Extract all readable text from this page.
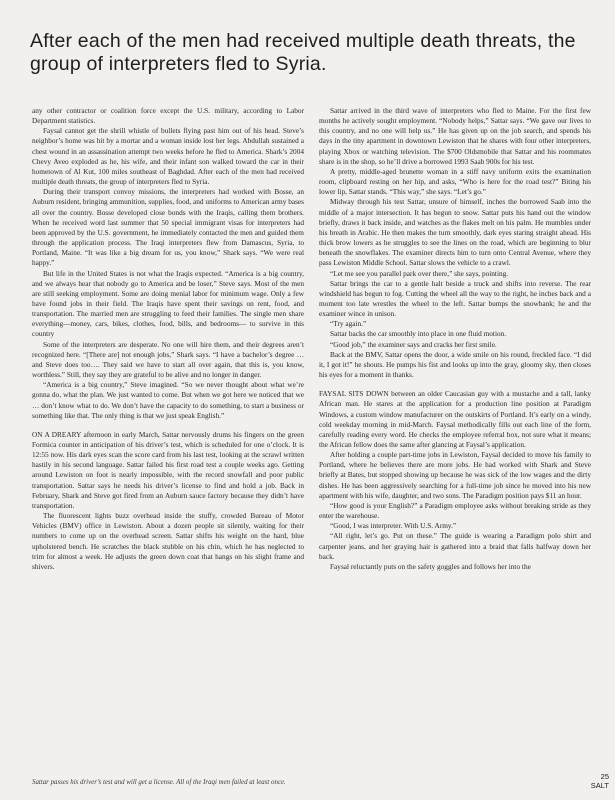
After each of the men had received multiple death threats, the group of interpreters fled to Syria.

any other contractor or coalition force except the U.S. military, according to Labor Department statistics.

Faysal cannot get the shrill whistle of bullets flying past him out of his head. Steve’s neighbor’s home was hit by a mortar and a woman inside lost her legs. Abdullah sustained a chest wound in an assassination attempt two weeks before he fled to America. Shark’s 2004 Chevy Aveo exploded as he, his wife, and their infant son walked toward the car in their hometown of Al Kut, 100 miles southeast of Baghdad. After each of the men had received multiple death threats, the group of interpreters fled to Syria.

During their transport convoy missions, the interpreters had worked with Bosse, an Auburn resident, bringing ammunition, supplies, food, and uniforms to American army bases all over the country. Bosse developed close bonds with the Iraqis, calling them brothers. When he received word last summer that 50 special immigrant visas for interpreters had been approved by the U.S. government, he immediately contacted the men and guided them through the application process. The Iraqi interpreters flew from Damascus, Syria, to Portland, Maine. “It was like a big dream for us, you know,” Shark says. “We were real happy.”

But life in the United States is not what the Iraqis expected. “America is a big country, and we always hear that nobody go to America and be loser,” Steve says. Most of the men are still seeking employment. Some are doing menial labor for minimum wage. Only a few have found jobs in their field. The Iraqis have spent their savings on rent, food, and transportation. The married men are struggling to feed their families. The single men share everything—money, cars, bikes, clothes, food, bills, and bedrooms— to survive in this country

Some of the interpreters are desperate. No one will hire them, and their degrees aren’t recognized here. “[There are] not enough jobs,” Shark says. “I have a bachelor’s degree … and Steve does too…. They said we have to start all over again, that this is, you know, worthless.” Still, they say they are grateful to be alive and no longer in danger.

“America is a big country,” Steve imagined. “So we never thought about what we’re gonna do, what the plan. We just wanted to come. But when we got here we noticed that we … don’t know what to do. We don’t have the capacity to do something, to start a business or something like that. The only thing is that we just speak English.”

ON A DREARY afternoon in early March, Sattar nervously drums his fingers on the green Formica counter in anticipation of his driver’s test, which is scheduled for one o’clock. It is 12:55 now. His dark eyes scan the score card from his last test, looking at the scrawl written hastily in his second language. Sattar failed his first road test a couple weeks ago. Getting around Lewiston on foot is nearly impossible, with the record snowfall and poor public transportation. Sattar says he needs his driver’s license to find and hold a job. Back in February, Shark and Steve got fired from an Auburn sauce factory because they didn’t have transportation.

The fluorescent lights buzz overhead inside the stuffy, crowded Bureau of Motor Vehicles (BMV) office in Lewiston. About a dozen people sit silently, waiting for their numbers to come up on the overhead screen. Sattar shifts his weight on the hard, blue upholstered bench. He scratches the black stubble on his chin, which he has neglected to trim for almost a week. He adjusts the green down coat that hangs on his slight frame and shivers.

Sattar arrived in the third wave of interpreters who fled to Maine. For the first few months he actively sought employment. “Nobody helps,” Sattar says. “We gave our lives to this country, and no one will help us.” He has given up on the job search, and spends his days in the tiny apartment in downtown Lewiston that he shares with four other interpreters, playing Xbox or watching television. The $700 Oldsmobile that Sattar and his roommates share is in the shop, so he’ll drive a borrowed 1993 Saab 900s for his test.

A pretty, middle-aged brunette woman in a stiff navy uniform exits the examination room, clipboard resting on her hip, and asks, “Who is here for the road test?” Biting his lower lip, Sattar stands. “This way,” she says. “Let’s go.”

Midway through his test Sattar, unsure of himself, inches the borrowed Saab into the middle of a major intersection. It has begun to snow. Sattar puts his hand out the window briefly, draws it back inside, and watches as the flakes melt on his palm. He mumbles under his breath in Arabic. He then makes the turn smoothly, dark eyes staring straight ahead. His thick brow lowers as he struggles to see the lines on the road, which are beginning to blur beneath the snowflakes. The examiner directs him to turn onto Central Avenue, where they pass Lewiston Middle School. Sattar slows the vehicle to a crawl.

“Let me see you parallel park over there,” she says, pointing.

Sattar brings the car to a gentle halt beside a truck and shifts into reverse. The rear windshield has begun to fog. Cutting the wheel all the way to the right, he inches back and a moment too late wrestles the wheel to the left. Sattar bumps the snowbank; he and the examiner wince in unison.

“Try again.”

Sattar backs the car smoothly into place in one fluid motion.

“Good job,” the examiner says and cracks her first smile.

Back at the BMV, Sattar opens the door, a wide smile on his round, freckled face. “I did it, I got it!” he shouts. He pumps his fist and looks up into the gray, gloomy sky, then closes his eyes for a moment in thanks.

FAYSAL SITS DOWN between an older Caucasian guy with a mustache and a tall, lanky African man. He stares at the application for a production line position at Paradigm Windows, a custom window manufacturer on the outskirts of Portland. It’s early on a windy, cold weekday morning in mid-March. Faysal methodically fills out each line of the form, carefully reading every word. He checks the employee referral box, not sure what it means; the African fellow does the same after glancing at Faysal’s application.

After holding a couple part-time jobs in Lewiston, Faysal decided to move his family to Portland, where he believes there are more jobs. He had worked with Shark and Steve briefly at Bates, but stopped showing up because he was sick of the low wages and the dirty dishes. He has been aggressively searching for a full-time job since he moved into his new apartment with his wife, daughter, and two sons. The Paradigm position pays $11 an hour.

“How good is your English?” a Paradigm employee asks without breaking stride as they enter the warehouse.

“Good, I was interpreter. With U.S. Army.”

“All right, let’s go. Put on these.” The guide is wearing a Paradigm polo shirt and carpenter jeans, and her graying hair is gathered into a braid that falls halfway down her back.

Faysal reluctantly puts on the safety goggles and follows her into the

Sattar passes his driver’s test and will get a license. All of the Iraqi men failed at least once.
25
SALT
